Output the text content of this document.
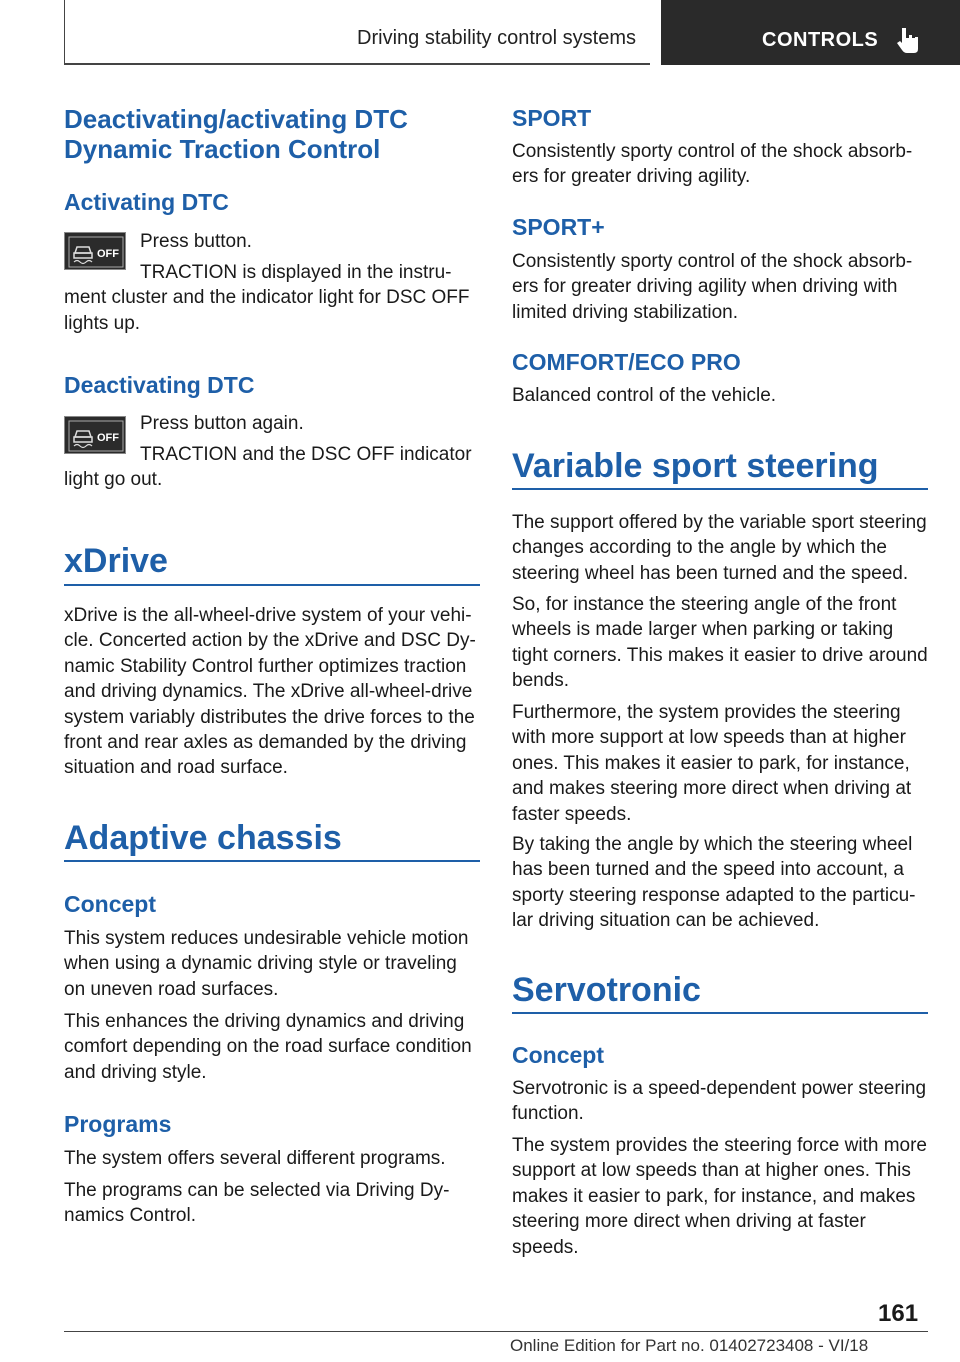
Driving stability control systems	CONTROLS
Deactivating/activating DTC Dynamic Traction Control
Activating DTC
OFF
Press button.
TRACTION is displayed in the instrument cluster and the indicator light for DSC OFF lights up.
Deactivating DTC
OFF
Press button again.
TRACTION and the DSC OFF indicator light go out.
xDrive
xDrive is the all-wheel-drive system of your vehicle. Concerted action by the xDrive and DSC Dynamic Stability Control further optimizes traction and driving dynamics. The xDrive all-wheel-drive system variably distributes the drive forces to the front and rear axles as demanded by the driving situation and road surface.
Adaptive chassis
Concept
This system reduces undesirable vehicle motion when using a dynamic driving style or traveling on uneven road surfaces.
This enhances the driving dynamics and driving comfort depending on the road surface condition and driving style.
Programs
The system offers several different programs.
The programs can be selected via Driving Dynamics Control.
SPORT
Consistently sporty control of the shock absorbers for greater driving agility.
SPORT+
Consistently sporty control of the shock absorbers for greater driving agility when driving with limited driving stabilization.
COMFORT/ECO PRO
Balanced control of the vehicle.
Variable sport steering
The support offered by the variable sport steering changes according to the angle by which the steering wheel has been turned and the speed.
So, for instance the steering angle of the front wheels is made larger when parking or taking tight corners. This makes it easier to drive around bends.
Furthermore, the system provides the steering with more support at low speeds than at higher ones. This makes it easier to park, for instance, and makes steering more direct when driving at faster speeds.
By taking the angle by which the steering wheel has been turned and the speed into account, a sporty steering response adapted to the particular driving situation can be achieved.
Servotronic
Concept
Servotronic is a speed-dependent power steering function.
The system provides the steering force with more support at low speeds than at higher ones. This makes it easier to park, for instance, and makes steering more direct when driving at faster speeds.
161
Online Edition for Part no. 01402723408 - VI/18
